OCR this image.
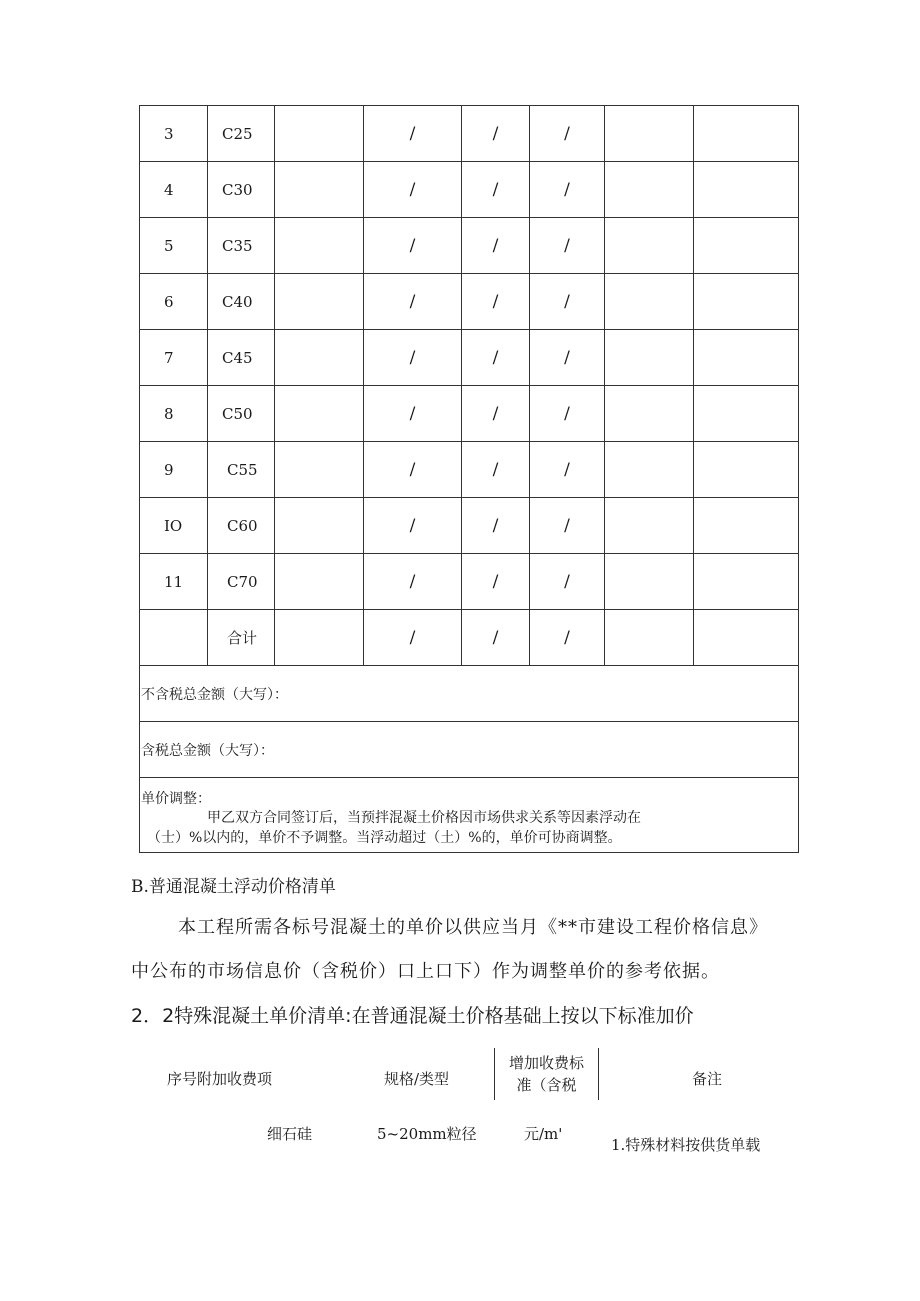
3	C25		/	/	/		
4	C30		/	/	/		
5	C35		/	/	/		
6	C40		/	/	/		
7	C45		/	/	/		
8	C50		/	/	/		
9	C55		/	/	/		
IO	C60		/	/	/		
11	C70		/	/	/		
	合计		/	/	/		
不含税总金额（大写）：							
含税总金额（大写）：							

单价调整：
甲乙双方合同签订后，当预拌混凝土价格因市场供求关系等因素浮动在
（士）%以内的，单价不予调整。当浮动超过（土）%的，单价可协商调整。							
B.普通混凝土浮动价格清单
本工程所需各标号混凝土的单价以供应当月《**市建设工程价格信息》
中公布的市场信息价（含税价）口上口下）作为调整单价的参考依据。
2．2特殊混凝土单价清单:在普通混凝土价格基础上按以下标准加价
序号附加收费项	规格/类型
增加收费标
准（含税	备注
细石硅	5~20mm粒径	元/m'
1.特殊材料按供货单载
